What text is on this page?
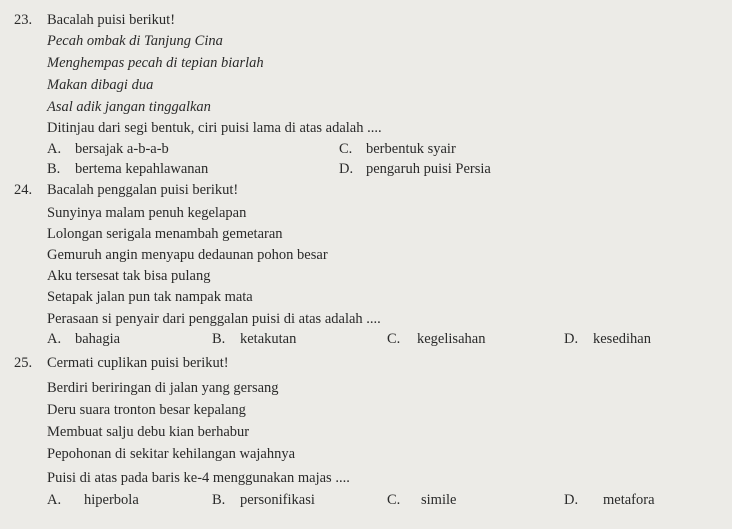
23. Bacalah puisi berikut!
Pecah ombak di Tanjung Cina
Menghempas pecah di tepian biarlah
Makan dibagi dua
Asal adik jangan tinggalkan
Ditinjau dari segi bentuk, ciri puisi lama di atas adalah ....
A. bersajak a-b-a-b	C. berbentuk syair
B. bertema kepahlawanan	D. pengaruh puisi Persia
24. Bacalah penggalan puisi berikut!
Sunyinya malam penuh kegelapan
Lolongan serigala menambah gemetaran
Gemuruh angin menyapu dedaunan pohon besar
Aku tersesat tak bisa pulang
Setapak jalan pun tak nampak mata
Perasaan si penyair dari penggalan puisi di atas adalah ....
A. bahagia	B. ketakutan	C. kegelisahan	D. kesedihan
25. Cermati cuplikan puisi berikut!
Berdiri beriringan di jalan yang gersang
Deru suara tronton besar kepalang
Membuat salju debu kian berhabur
Pepohonan di sekitar kehilangan wajahnya
Puisi di atas pada baris ke-4 menggunakan majas ....
A. hiperbola	B. personifikasi	C. simile	D. metafora
